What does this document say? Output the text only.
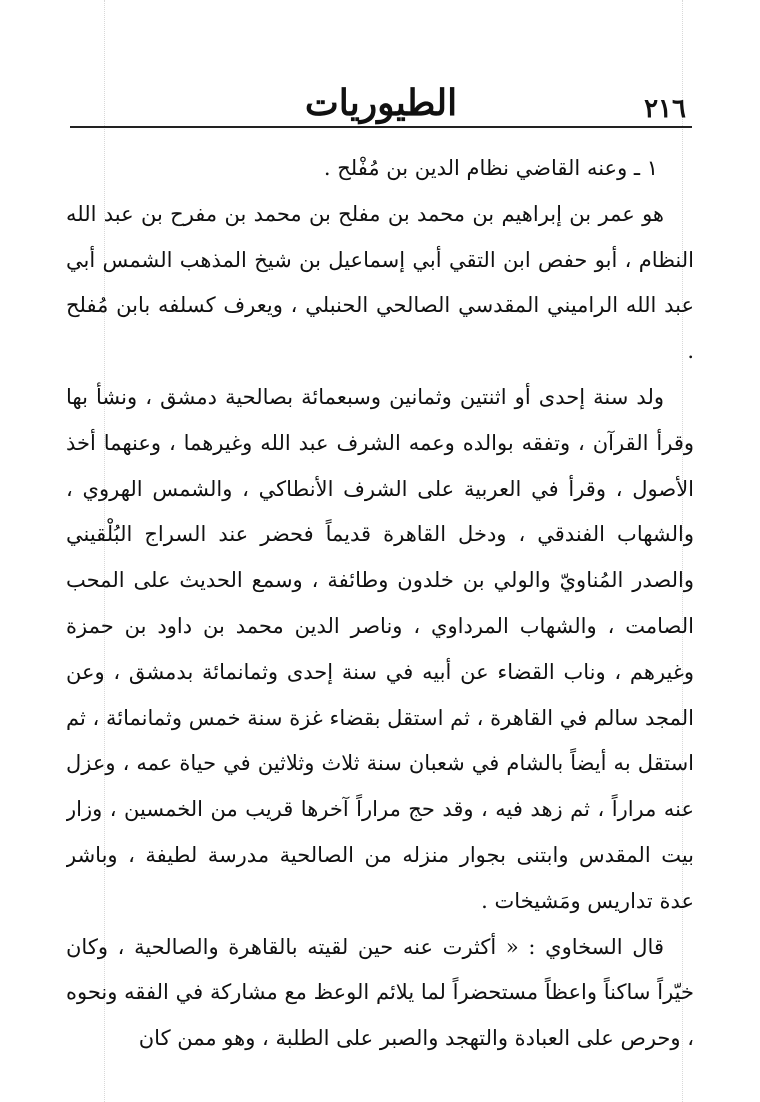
٢١٦
الطيوريات

١ ـ وعنه القاضي نظام الدين بن مُفْلح .

هو عمر بن إبراهيم بن محمد بن مفلح بن محمد بن مفرح بن عبد الله النظام ، أبو حفص ابن التقي أبي إسماعيل بن شيخ المذهب الشمس أبي عبد الله الراميني المقدسي الصالحي الحنبلي ، ويعرف كسلفه بابن مُفلح .

ولد سنة إحدى أو اثنتين وثمانين وسبعمائة بصالحية دمشق ، ونشأ بها وقرأ القرآن ، وتفقه بوالده وعمه الشرف عبد الله وغيرهما ، وعنهما أخذ الأصول ، وقرأ في العربية على الشرف الأنطاكي ، والشمس الهروي ، والشهاب الفندقي ، ودخل القاهرة قديماً فحضر عند السراج البُلْقيني والصدر المُناويّ والولي بن خلدون وطائفة ، وسمع الحديث على المحب الصامت ، والشهاب المرداوي ، وناصر الدين محمد بن داود بن حمزة وغيرهم ، وناب القضاء عن أبيه في سنة إحدى وثمانمائة بدمشق ، وعن المجد سالم في القاهرة ، ثم استقل بقضاء غزة سنة خمس وثمانمائة ، ثم استقل به أيضاً بالشام في شعبان سنة ثلاث وثلاثين في حياة عمه ، وعزل عنه مراراً ، ثم زهد فيه ، وقد حج مراراً آخرها قريب من الخمسين ، وزار بيت المقدس وابتنى بجوار منزله من الصالحية مدرسة لطيفة ، وباشر عدة تداريس ومَشيخات .

قال السخاوي : « أكثرت عنه حين لقيته بالقاهرة والصالحية ، وكان خيّراً ساكناً واعظاً مستحضراً لما يلائم الوعظ مع مشاركة في الفقه ونحوه ، وحرص على العبادة والتهجد والصبر على الطلبة ، وهو ممن كان
